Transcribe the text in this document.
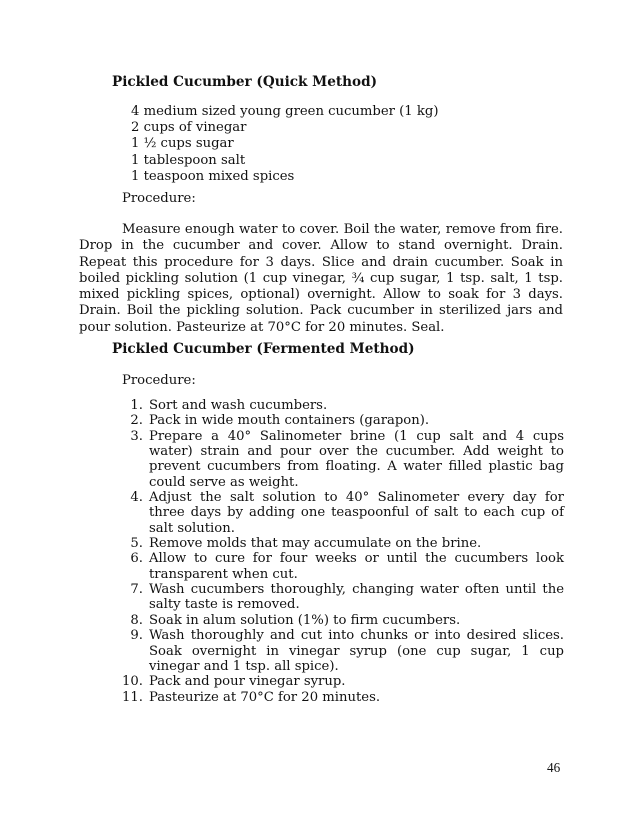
Pickled Cucumber (Quick Method)
4 medium sized young green cucumber (1 kg)
2 cups of vinegar
1 ½ cups sugar
1 tablespoon salt
1 teaspoon mixed spices
Procedure:

Measure enough water to cover. Boil the water, remove from fire. Drop in the cucumber and cover. Allow to stand overnight. Drain. Repeat this procedure for 3 days. Slice and drain cucumber. Soak in boiled pickling solution (1 cup vinegar, ¾ cup sugar, 1 tsp. salt, 1 tsp. mixed pickling spices, optional) overnight. Allow to soak for 3 days. Drain. Boil the pickling solution. Pack cucumber in sterilized jars and pour solution. Pasteurize at 70°C for 20 minutes. Seal.

Pickled Cucumber (Fermented Method)
Procedure:
1. Sort and wash cucumbers.
2. Pack in wide mouth containers (garapon).
3. Prepare a 40° Salinometer brine (1 cup salt and 4 cups water) strain and pour over the cucumber. Add weight to prevent cucumbers from floating. A water filled plastic bag could serve as weight.
4. Adjust the salt solution to 40° Salinometer every day for three days by adding one teaspoonful of salt to each cup of salt solution.
5. Remove molds that may accumulate on the brine.
6. Allow to cure for four weeks or until the cucumbers look transparent when cut.
7. Wash cucumbers thoroughly, changing water often until the salty taste is removed.
8. Soak in alum solution (1%) to firm cucumbers.
9. Wash thoroughly and cut into chunks or into desired slices. Soak overnight in vinegar syrup (one cup sugar, 1 cup vinegar and 1 tsp. all spice).
10. Pack and pour vinegar syrup.
11. Pasteurize at 70°C for 20 minutes.
46
